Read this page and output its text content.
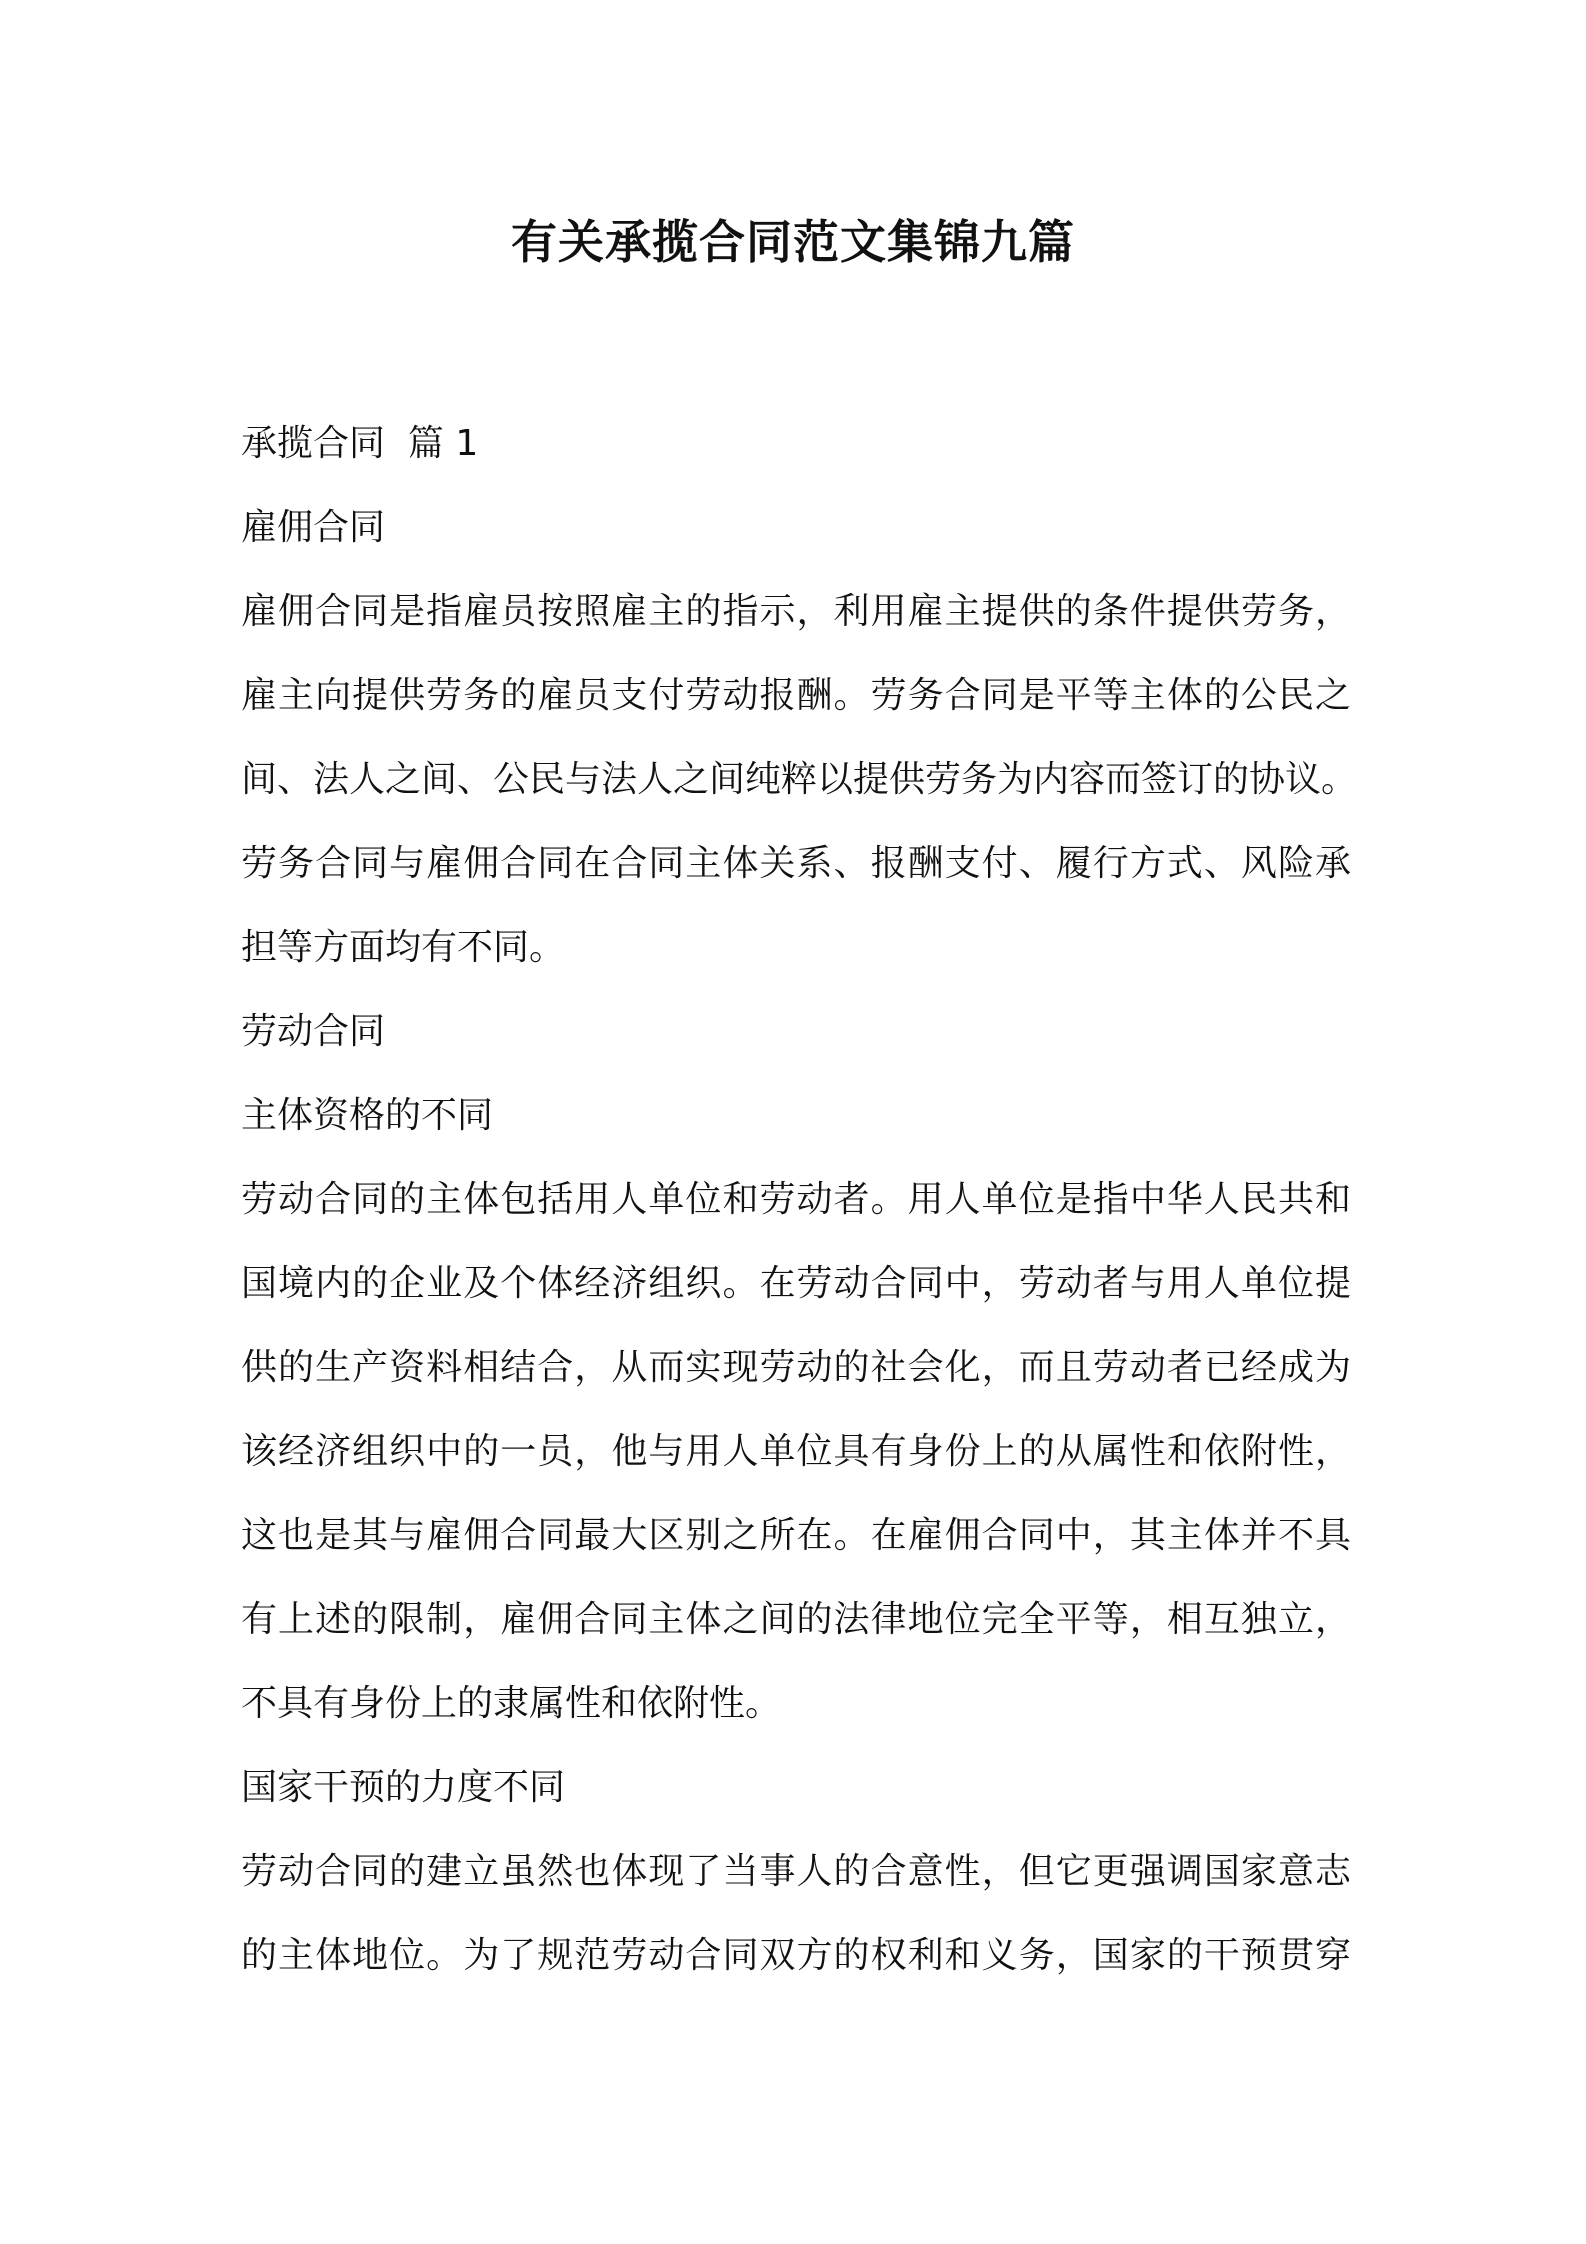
有关承揽合同范文集锦九篇

承揽合同  篇 1

雇佣合同

雇佣合同是指雇员按照雇主的指示，利用雇主提供的条件提供劳务，

雇主向提供劳务的雇员支付劳动报酬。劳务合同是平等主体的公民之

间、法人之间、公民与法人之间纯粹以提供劳务为内容而签订的协议。

劳务合同与雇佣合同在合同主体关系、报酬支付、履行方式、风险承

担等方面均有不同。

劳动合同

主体资格的不同

劳动合同的主体包括用人单位和劳动者。用人单位是指中华人民共和

国境内的企业及个体经济组织。在劳动合同中，劳动者与用人单位提

供的生产资料相结合，从而实现劳动的社会化，而且劳动者已经成为

该经济组织中的一员，他与用人单位具有身份上的从属性和依附性，

这也是其与雇佣合同最大区别之所在。在雇佣合同中，其主体并不具

有上述的限制，雇佣合同主体之间的法律地位完全平等，相互独立，

不具有身份上的隶属性和依附性。

国家干预的力度不同

劳动合同的建立虽然也体现了当事人的合意性，但它更强调国家意志

的主体地位。为了规范劳动合同双方的权利和义务，国家的干预贯穿
